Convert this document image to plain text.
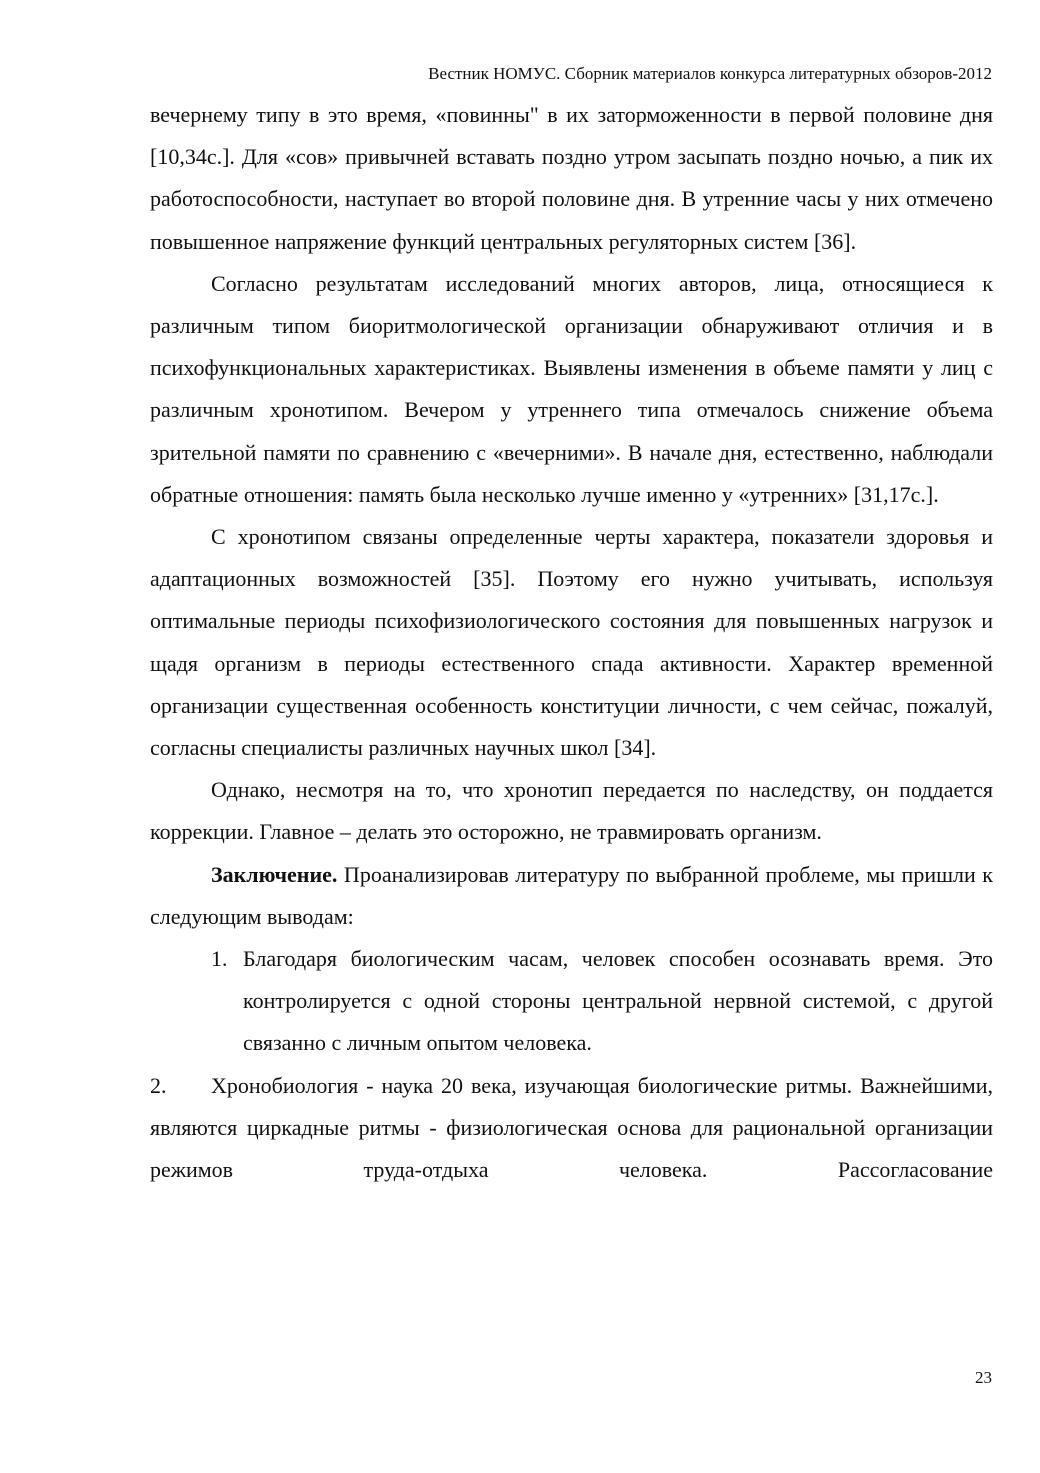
Вестник НОМУС. Сборник материалов конкурса литературных обзоров-2012

вечернему типу в это время, «повинны" в их заторможенности в первой половине дня [10,34с.]. Для «сов» привычней вставать поздно утром засыпать поздно ночью, а пик их работоспособности, наступает во второй половине дня. В утренние часы у них отмечено повышенное напряжение функций центральных регуляторных систем [36].

Согласно результатам исследований многих авторов, лица, относящиеся к различным типом биоритмологической организации обнаруживают отличия и в психофункциональных характеристиках. Выявлены изменения в объеме памяти у лиц с различным хронотипом. Вечером у утреннего типа отмечалось снижение объема зрительной памяти по сравнению с «вечерними». В начале дня, естественно, наблюдали обратные отношения: память была несколько лучше именно у «утренних» [31,17с.].

С хронотипом связаны определенные черты характера, показатели здоровья и адаптационных возможностей [35]. Поэтому его нужно учитывать, используя оптимальные периоды психофизиологического состояния для повышенных нагрузок и щадя организм в периоды естественного спада активности. Характер временной организации существенная особенность конституции личности, с чем сейчас, пожалуй, согласны специалисты различных научных школ [34].

Однако, несмотря на то, что хронотип передается по наследству, он поддается коррекции. Главное – делать это осторожно, не травмировать организм.

Заключение. Проанализировав литературу по выбранной проблеме, мы пришли к следующим выводам:

1. Благодаря биологическим часам, человек способен осознавать время. Это контролируется с одной стороны центральной нервной системой, с другой связанно с личным опытом человека.

2. Хронобиология - наука 20 века, изучающая биологические ритмы. Важнейшими, являются циркадные ритмы - физиологическая основа для рациональной организации режимов труда-отдыха человека. Рассогласование

23
